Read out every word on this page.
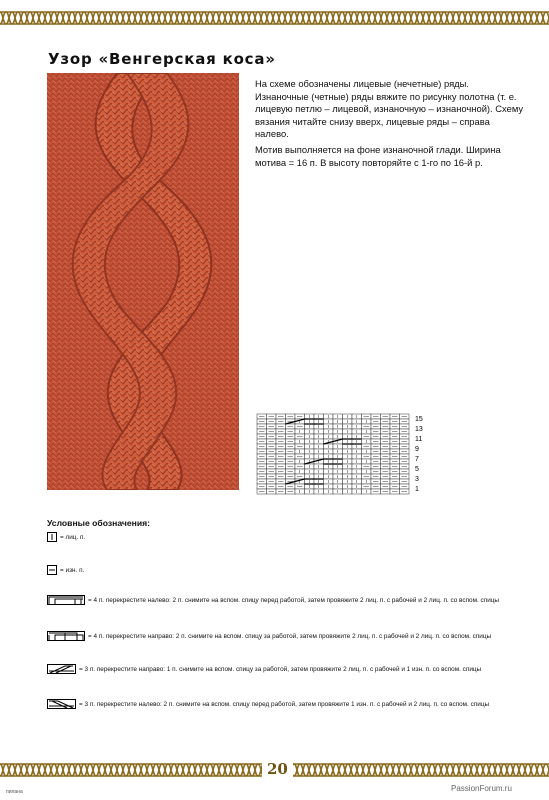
Узор «Венгерская коса»

На схеме обозначены лицевые (нечетные) ряды. Изнаночные (четные) ряды вяжите по рисунку полотна (т. е. лицевую петлю – лицевой, изнаночную – изнаночной). Схему вязания читайте снизу вверх, лицевые ряды – справа налево.

Мотив выполняется на фоне изнаночной глади. Ширина мотива = 16 п. В высоту повторяйте с 1-го по 16-й р.

15
13
11
9
7
5
3
1
Условные обозначения:
= лиц. п.
= изн. п.
= 4 п. перекрестите налево: 2 п. снимите на вспом. спицу перед работой, затем провяжите 2 лиц. п. с рабочей и 2 лиц. п. со вспом. спицы
= 4 п. перекрестите направо: 2 п. снимите на вспом. спицу за работой, затем провяжите 2 лиц. п. с рабочей и 2 лиц. п. со вспом. спицы
= 3 п. перекрестите направо: 1 п. снимите на вспом. спицу за работой, затем провяжите 2 лиц. п. с рабочей и 1 изн. п. со вспом. спицы
= 3 п. перекрестите налево: 2 п. снимите на вспом. спицу перед работой, затем провяжите 1 изн. п. с рабочей и 2 лиц. п. со вспом. спицы
20
пилана	PassionForum.ru
